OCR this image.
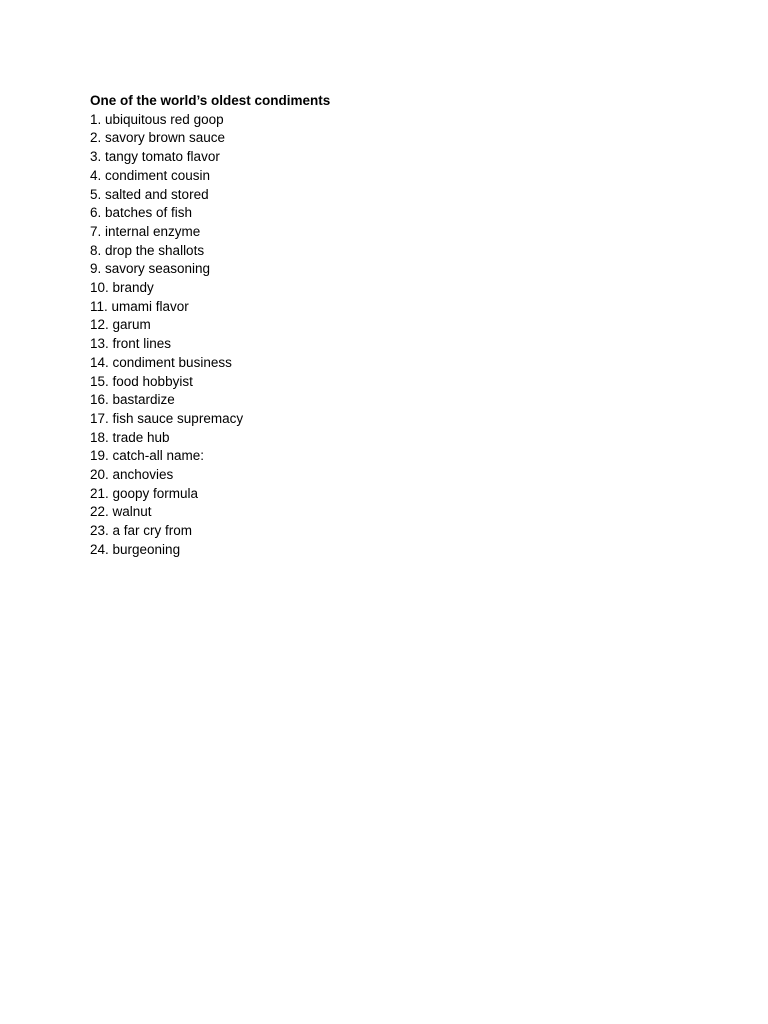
One of the world’s oldest condiments
1. ubiquitous red goop
2. savory brown sauce
3. tangy tomato flavor
4. condiment cousin
5. salted and stored
6. batches of fish
7. internal enzyme
8. drop the shallots
9. savory seasoning
10. brandy
11. umami flavor
12. garum
13. front lines
14. condiment business
15. food hobbyist
16. bastardize
17. fish sauce supremacy
18. trade hub
19. catch-all name:
20. anchovies
21. goopy formula
22. walnut
23. a far cry from
24. burgeoning
